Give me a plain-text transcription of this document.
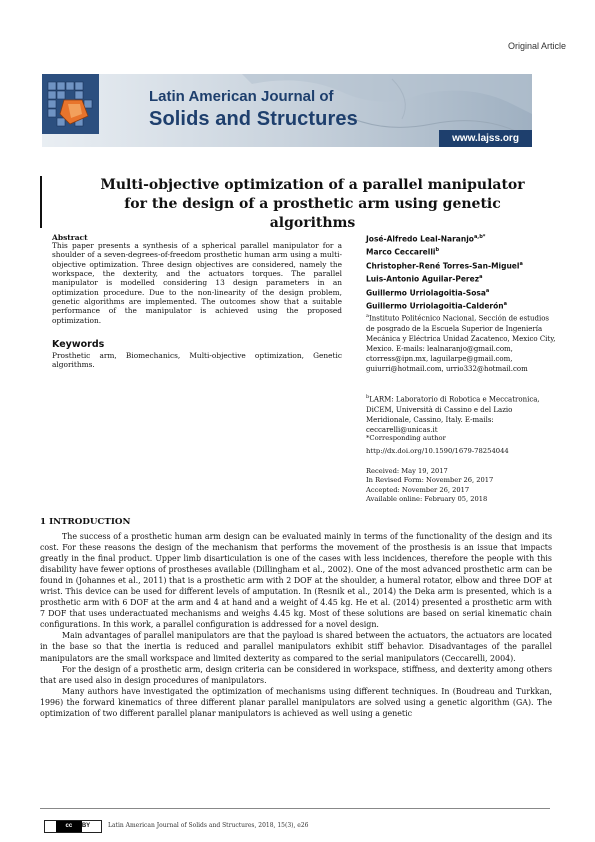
Original Article
Latin American Journal of
Solids and Structures
www.lajss.org
Multi-objective optimization of a parallel manipulator for the design of a prosthetic arm using genetic algorithms
Abstract
This paper presents a synthesis of a spherical parallel manipulator for a shoulder of a seven-degrees-of-freedom prosthetic human arm using a multi-objective optimization. Three design objectives are considered, namely the workspace, the dexterity, and the actuators torques. The parallel manipulator is modelled considering 13 design parameters in an optimization procedure. Due to the non-linearity of the design problem, genetic algorithms are implemented. The outcomes show that a suitable performance of the manipulator is achieved using the proposed optimization.
Keywords
Prosthetic arm, Biomechanics, Multi-objective optimization, Genetic algorithms.
José-Alfredo Leal-Naranjo$^{a,b*}$
Marco Ceccarelli$^b$
Christopher-René Torres-San-Miguel$^a$
Luis-Antonio Aguilar-Perez$^a$
Guillermo Urriolagoitia-Sosa$^a$
Guillermo Urriolagoitia-Calderón$^a$
$^a$Instituto Politécnico Nacional, Sección de estudios de posgrado de la Escuela Superior de Ingeniería Mecánica y Eléctrica Unidad Zacatenco, Mexico City, Mexico. E-mails: lealnaranjo@gmail.com, ctorress@ipn.mx, laguilarpe@gmail.com, guiurri@hotmail.com, urrio332@hotmail.com
$^b$LARM: Laboratorio di Robotica e Meccatronica, DiCEM, Università di Cassino e del Lazio Meridionale, Cassino, Italy. E-mails: ceccarelli@unicas.it
*Corresponding author
http://dx.doi.org/10.1590/1679-78254044
Received: May 19, 2017
In Revised Form: November 26, 2017
Accepted: November 26, 2017
Available online: February 05, 2018
1 INTRODUCTION

The success of a prosthetic human arm design can be evaluated mainly in terms of the functionality of the design and its cost. For these reasons the design of the mechanism that performs the movement of the prosthesis is an issue that impacts greatly in the final product. Upper limb disarticulation is one of the cases with less incidences, therefore the people with this disability have fewer options of prostheses available (Dillingham et al., 2002). One of the most advanced prosthetic arm can be found in (Johannes et al., 2011) that is a prosthetic arm with 2 DOF at the shoulder, a humeral rotator, elbow and three DOF at wrist. This device can be used for different levels of amputation. In (Resnik et al., 2014) the Deka arm is presented, which is a prosthetic arm with 6 DOF at the arm and 4 at hand and a weight of 4.45 kg. He et al. (2014) presented a prosthetic arm with 7 DOF that uses underactuated mechanisms and weighs 4.45 kg. Most of these solutions are based on serial kinematic chain configurations. In this work, a parallel configuration is addressed for a novel design.

Main advantages of parallel manipulators are that the payload is shared between the actuators, the actuators are located in the base so that the inertia is reduced and parallel manipulators exhibit stiff behavior. Disadvantages of the parallel manipulators are the small workspace and limited dexterity as compared to the serial manipulators (Ceccarelli, 2004).

For the design of a prosthetic arm, design criteria can be considered in workspace, stiffness, and dexterity among others that are used also in design procedures of manipulators.

Many authors have investigated the optimization of mechanisms using different techniques. In (Boudreau and Turkkan, 1996) the forward kinematics of three different planar parallel manipulators are solved using a genetic algorithm (GA). The optimization of two different parallel planar manipulators is achieved as well using a genetic

cc BY	Latin American Journal of Solids and Structures, 2018, 15(3), e26
